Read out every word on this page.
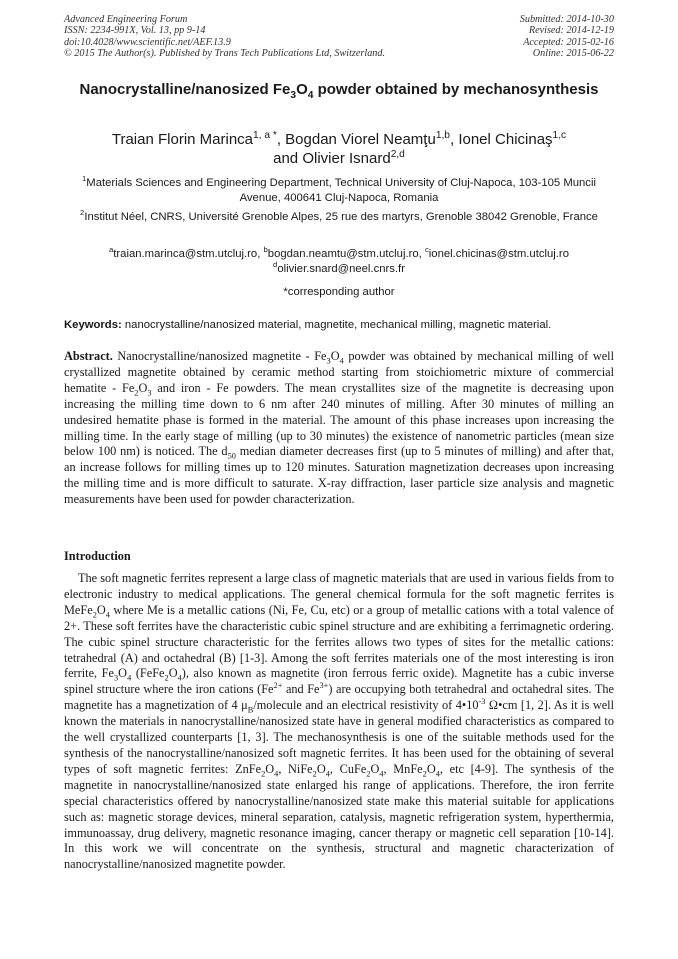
Advanced Engineering Forum
ISSN: 2234-991X, Vol. 13, pp 9-14
doi:10.4028/www.scientific.net/AEF.13.9
© 2015 The Author(s). Published by Trans Tech Publications Ltd, Switzerland.
Submitted: 2014-10-30
Revised: 2014-12-19
Accepted: 2015-02-16
Online: 2015-06-22
Nanocrystalline/nanosized $Fe_3O_4$ powder obtained by mechanosynthesis
Traian Florin Marinca$^{1, a *}$, Bogdan Viorel Neamţu$^{1,b}$, Ionel Chicinaş$^{1,c}$
and Olivier Isnard$^{2,d}$
$^1$Materials Sciences and Engineering Department, Technical University of Cluj-Napoca, 103-105 Muncii Avenue, 400641 Cluj-Napoca, Romania
$^2$Institut Néel, CNRS, Université Grenoble Alpes, 25 rue des martyrs, Grenoble 38042 Grenoble, France
$^a$traian.marinca@stm.utcluj.ro, $^b$bogdan.neamtu@stm.utcluj.ro, $^c$ionel.chicinas@stm.utcluj.ro
$^d$olivier.snard@neel.cnrs.fr
*corresponding author
Keywords: nanocrystalline/nanosized material, magnetite, mechanical milling, magnetic material.
Abstract. Nanocrystalline/nanosized magnetite - $Fe_3O_4$ powder was obtained by mechanical milling of well crystallized magnetite obtained by ceramic method starting from stoichiometric mixture of commercial hematite - $Fe_2O_3$ and iron - Fe powders. The mean crystallites size of the magnetite is decreasing upon increasing the milling time down to 6 nm after 240 minutes of milling. After 30 minutes of milling an undesired hematite phase is formed in the material. The amount of this phase increases upon increasing the milling time. In the early stage of milling (up to 30 minutes) the existence of nanometric particles (mean size below 100 nm) is noticed. The $d_{50}$ median diameter decreases first (up to 5 minutes of milling) and after that, an increase follows for milling times up to 120 minutes. Saturation magnetization decreases upon increasing the milling time and is more difficult to saturate. X-ray diffraction, laser particle size analysis and magnetic measurements have been used for powder characterization.
Introduction
The soft magnetic ferrites represent a large class of magnetic materials that are used in various fields from to electronic industry to medical applications. The general chemical formula for the soft magnetic ferrites is $MeFe_2O_4$ where Me is a metallic cations (Ni, Fe, Cu, etc) or a group of metallic cations with a total valence of 2+. These soft ferrites have the characteristic cubic spinel structure and are exhibiting a ferrimagnetic ordering. The cubic spinel structure characteristic for the ferrites allows two types of sites for the metallic cations: tetrahedral (A) and octahedral (B) [1-3]. Among the soft ferrites materials one of the most interesting is iron ferrite, $Fe_3O_4$ $(FeFe_2O_4)$, also known as magnetite (iron ferrous ferric oxide). Magnetite has a cubic inverse spinel structure where the iron cations ($Fe^{2+}$ and $Fe^{3+}$) are occupying both tetrahedral and octahedral sites. The magnetite has a magnetization of 4 $\mu_B$/molecule and an electrical resistivity of $4•10^{-3}$ Ω•cm [1, 2]. As it is well known the materials in nanocrystalline/nanosized state have in general modified characteristics as compared to the well crystallized counterparts [1, 3]. The mechanosynthesis is one of the suitable methods used for the synthesis of the nanocrystalline/nanosized soft magnetic ferrites. It has been used for the obtaining of several types of soft magnetic ferrites: $ZnFe_2O_4$, $NiFe_2O_4$, $CuFe_2O_4$, $MnFe_2O_4$, etc [4-9]. The synthesis of the magnetite in nanocrystalline/nanosized state enlarged his range of applications. Therefore, the iron ferrite special characteristics offered by nanocrystalline/nanosized state make this material suitable for applications such as: magnetic storage devices, mineral separation, catalysis, magnetic refrigeration system, hyperthermia, immunoassay, drug delivery, magnetic resonance imaging, cancer therapy or magnetic cell separation [10-14]. In this work we will concentrate on the synthesis, structural and magnetic characterization of nanocrystalline/nanosized magnetite powder.
